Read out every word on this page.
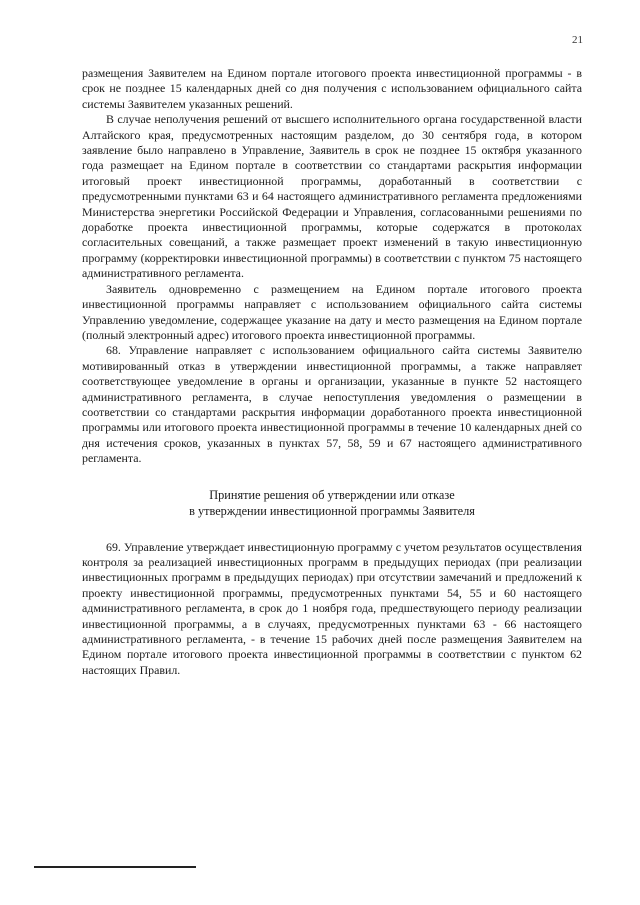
21

размещения Заявителем на Едином портале итогового проекта инвестиционной программы - в срок не позднее 15 календарных дней со дня получения с использованием официального сайта системы Заявителем указанных решений.

В случае неполучения решений от высшего исполнительного органа государственной власти Алтайского края, предусмотренных настоящим разделом, до 30 сентября года, в котором заявление было направлено в Управление, Заявитель в срок не позднее 15 октября указанного года размещает на Едином портале в соответствии со стандартами раскрытия информации итоговый проект инвестиционной программы, доработанный в соответствии с предусмотренными пунктами 63 и 64 настоящего административного регламента предложениями Министерства энергетики Российской Федерации и Управления, согласованными решениями по доработке проекта инвестиционной программы, которые содержатся в протоколах согласительных совещаний, а также размещает проект изменений в такую инвестиционную программу (корректировки инвестиционной программы) в соответствии с пунктом 75 настоящего административного регламента.

Заявитель одновременно с размещением на Едином портале итогового проекта инвестиционной программы направляет с использованием официального сайта системы Управлению уведомление, содержащее указание на дату и место размещения на Едином портале (полный электронный адрес) итогового проекта инвестиционной программы.

68. Управление направляет с использованием официального сайта системы Заявителю мотивированный отказ в утверждении инвестиционной программы, а также направляет соответствующее уведомление в органы и организации, указанные в пункте 52 настоящего административного регламента, в случае непоступления уведомления о размещении в соответствии со стандартами раскрытия информации доработанного проекта инвестиционной программы или итогового проекта инвестиционной программы в течение 10 календарных дней со дня истечения сроков, указанных в пунктах 57, 58, 59 и 67 настоящего административного регламента.

Принятие решения об утверждении или отказе
в утверждении инвестиционной программы Заявителя

69. Управление утверждает инвестиционную программу с учетом результатов осуществления контроля за реализацией инвестиционных программ в предыдущих периодах (при реализации инвестиционных программ в предыдущих периодах) при отсутствии замечаний и предложений к проекту инвестиционной программы, предусмотренных пунктами 54, 55 и 60 настоящего административного регламента, в срок до 1 ноября года, предшествующего периоду реализации инвестиционной программы, а в случаях, предусмотренных пунктами 63 - 66 настоящего административного регламента, - в течение 15 рабочих дней после размещения Заявителем на Едином портале итогового проекта инвестиционной программы в соответствии с пунктом 62 настоящих Правил.
